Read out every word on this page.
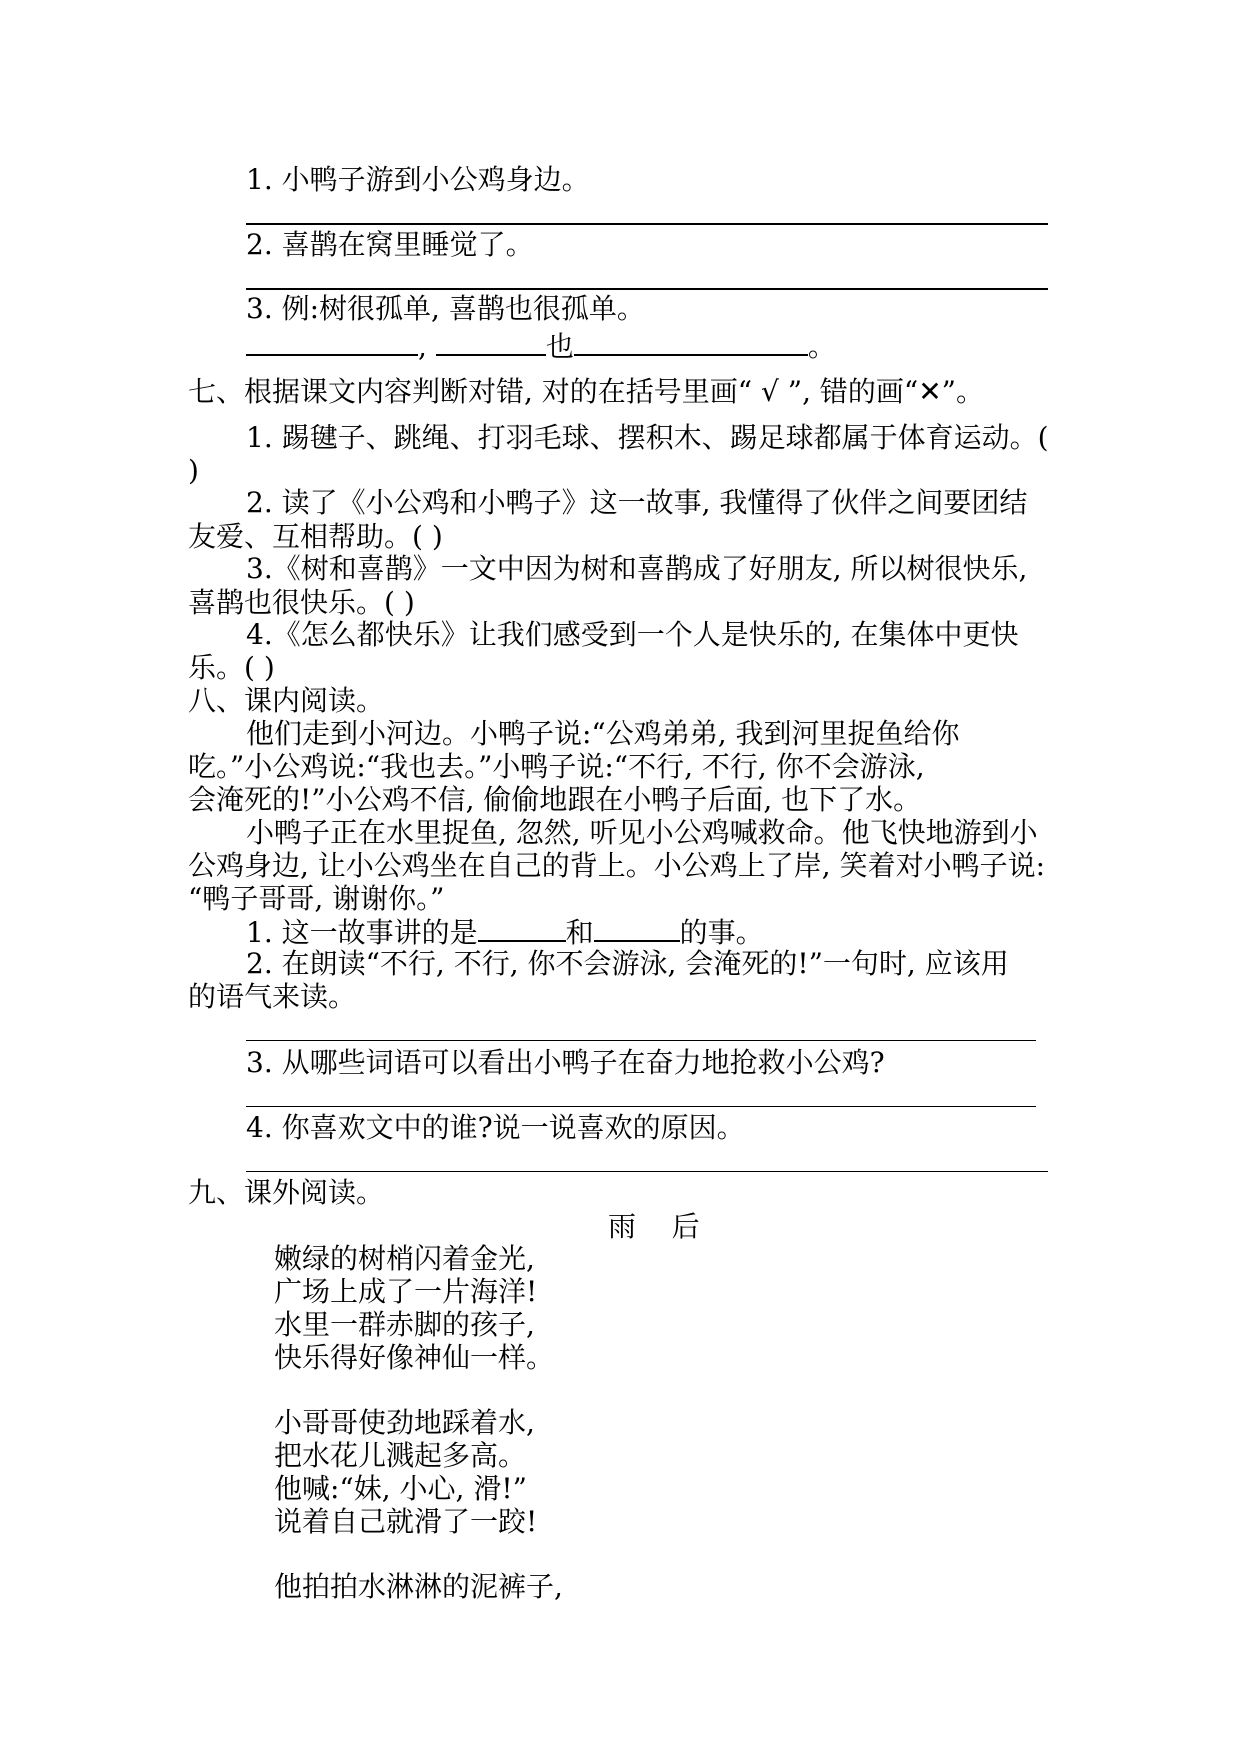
1. 小鸭子游到小公鸡身边。
2. 喜鹊在窝里睡觉了。
3. 例:树很孤单, 喜鹊也很孤单。
,	也	。
七、根据课文内容判断对错, 对的在括号里画“ √ ”, 错的画“✕”。
1. 踢毽子、跳绳、打羽毛球、摆积木、踢足球都属于体育运动。(
)
2. 读了《小公鸡和小鸭子》这一故事, 我懂得了伙伴之间要团结
友爱、互相帮助。( )
3.《树和喜鹊》一文中因为树和喜鹊成了好朋友, 所以树很快乐,
喜鹊也很快乐。( )
4.《怎么都快乐》让我们感受到一个人是快乐的, 在集体中更快
乐。( )
八、课内阅读。
他们走到小河边。小鸭子说:“公鸡弟弟, 我到河里捉鱼给你
吃。”小公鸡说:“我也去。”小鸭子说:“不行, 不行, 你不会游泳,
会淹死的!”小公鸡不信, 偷偷地跟在小鸭子后面, 也下了水。
小鸭子正在水里捉鱼, 忽然, 听见小公鸡喊救命。他飞快地游到小
公鸡身边, 让小公鸡坐在自己的背上。小公鸡上了岸, 笑着对小鸭子说:
“鸭子哥哥, 谢谢你。”
1. 这一故事讲的是	和	的事。
2. 在朗读“不行, 不行, 你不会游泳, 会淹死的!”一句时, 应该用
的语气来读。
3. 从哪些词语可以看出小鸭子在奋力地抢救小公鸡?
4. 你喜欢文中的谁?说一说喜欢的原因。
九、课外阅读。
雨    后
嫩绿的树梢闪着金光,
广场上成了一片海洋!
水里一群赤脚的孩子,
快乐得好像神仙一样。
小哥哥使劲地踩着水,
把水花儿溅起多高。
他喊:“妹, 小心, 滑!”
说着自己就滑了一跤!
他拍拍水淋淋的泥裤子,
